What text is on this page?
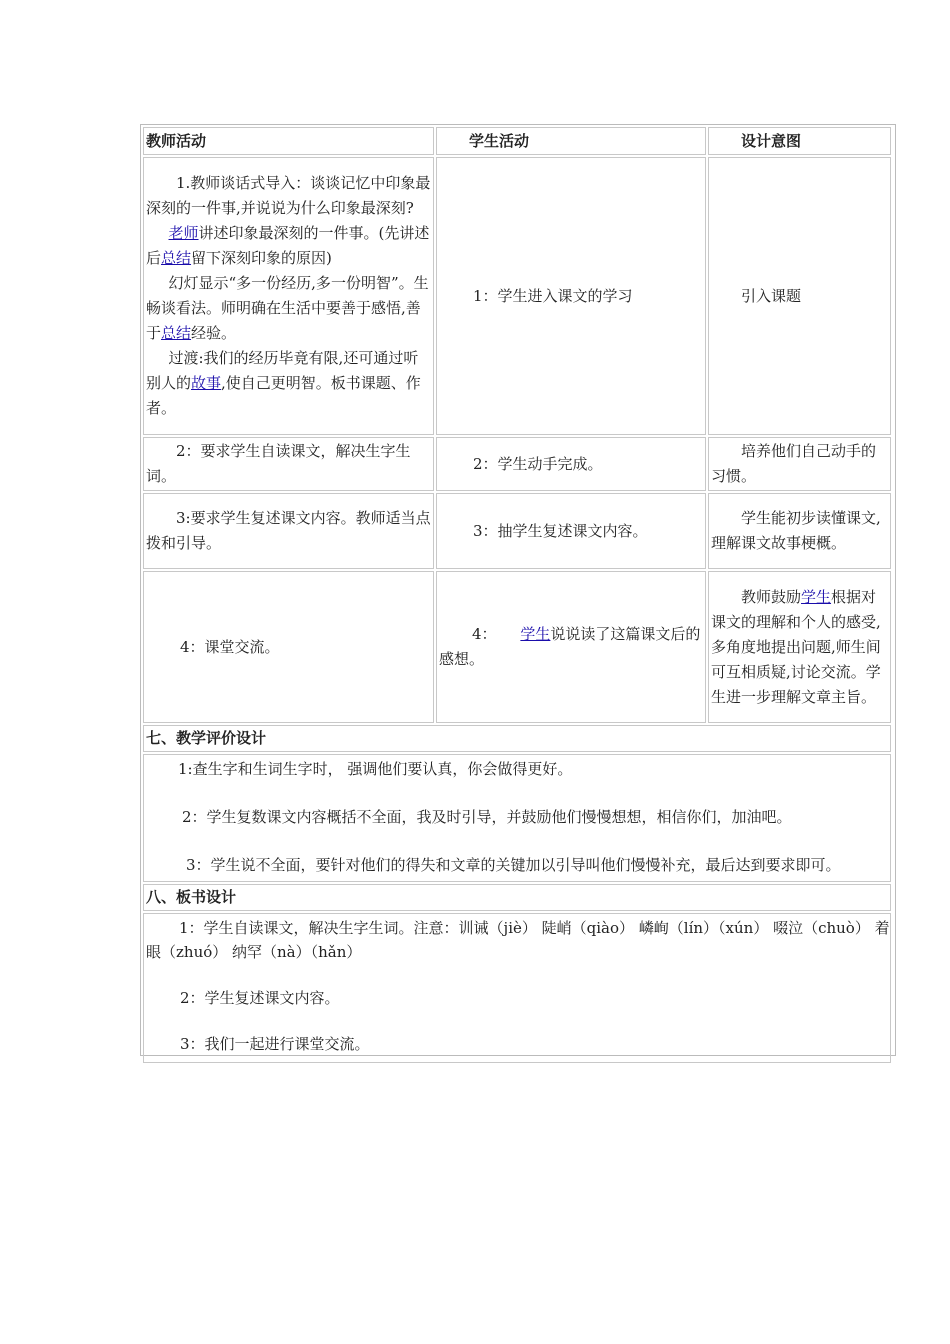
教师活动	学生活动	设计意图

1.教师谈话式导入：谈谈记忆中印象最深刻的一件事,并说说为什么印象最深刻?

老师讲述印象最深刻的一件事。(先讲述后总结留下深刻印象的原因)

幻灯显示“多一份经历,多一份明智”。生畅谈看法。师明确在生活中要善于感悟,善于总结经验。

过渡:我们的经历毕竟有限,还可通过听别人的故事,使自己更明智。板书课题、作者。	1：学生进入课文的学习	引入课题

2：要求学生自读课文，解决生字生词。	2：学生动手完成。	培养他们自己动手的习惯。

3:要求学生复述课文内容。教师适当点拨和引导。	3：抽学生复述课文内容。	学生能初步读懂课文,理解课文故事梗概。

4：课堂交流。	4： 学生说说读了这篇课文后的感想。	教师鼓励学生根据对课文的理解和个人的感受,多角度地提出问题,师生间可互相质疑,讨论交流。学生进一步理解文章主旨。

七、教学评价设计		

1:查生字和生词生字时， 强调他们要认真，你会做得更好。

2：学生复数课文内容概括不全面，我及时引导，并鼓励他们慢慢想想，相信你们，加油吧。

3：学生说不全面，要针对他们的得失和文章的关键加以引导叫他们慢慢补充，最后达到要求即可。		

八、板书设计		

1：学生自读课文，解决生字生词。注意：训诫（jiè） 陡峭（qiào） 嶙峋（lín）（xún） 啜泣（chuò） 着眼（zhuó） 纳罕（nà）（hǎn）

2：学生复述课文内容。

3：我们一起进行课堂交流。		
